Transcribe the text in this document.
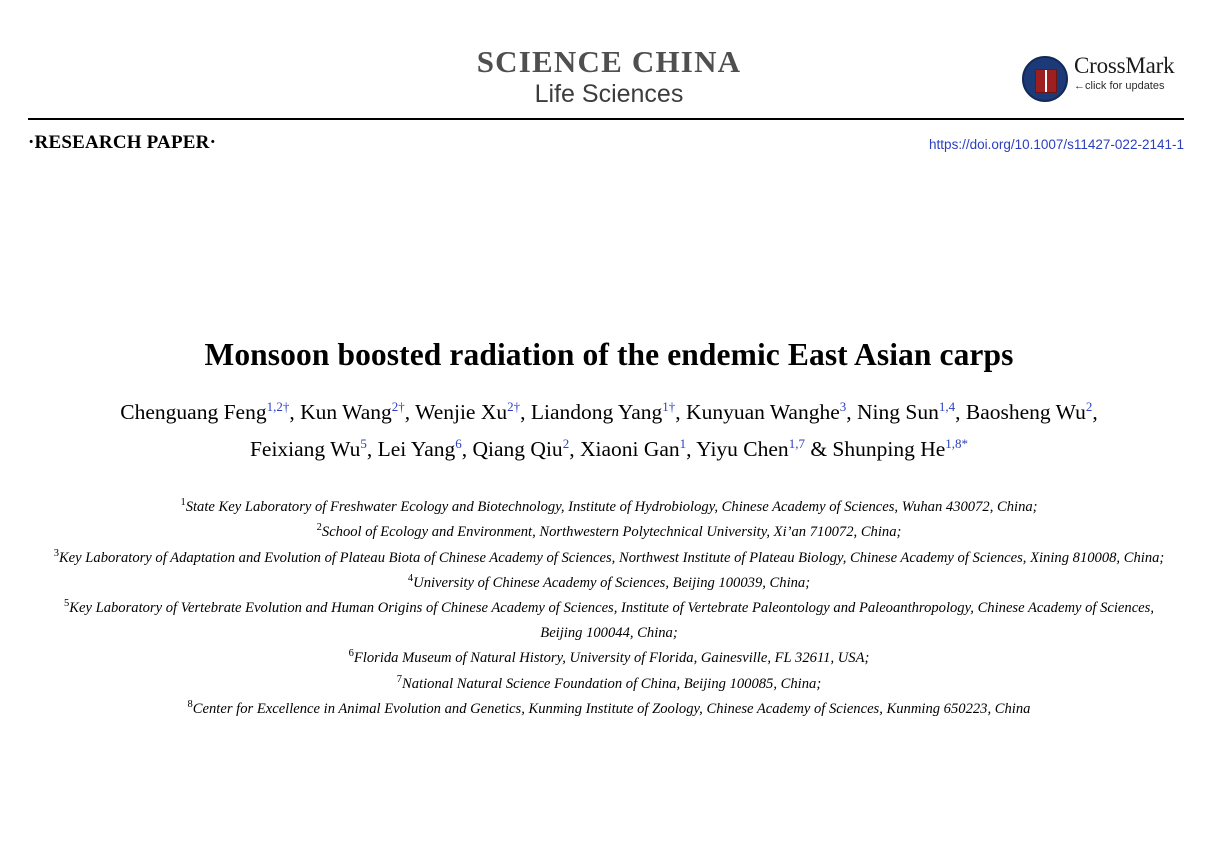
SCIENCE CHINA
Life Sciences
CrossMark
←click for updates
·RESEARCH PAPER·	https://doi.org/10.1007/s11427-022-2141-1
Monsoon boosted radiation of the endemic East Asian carps
Chenguang Feng$^{1,2\dagger}$, Kun Wang$^{2\dagger}$, Wenjie $Xu^{2\dagger}$, Liandong Yang$^{1\dagger}$, Kunyuan Wanghe$^3$, Ning Sun$^{1,4}$, Baosheng Wu$^2$, Feixiang Wu$^5$, Lei Yang$^6$, Qiang Qiu$^2$, Xiaoni Gan$^1$, Yiyu Chen$^{1,7}$ & Shunping $He^{1,8*}$
$^1$State Key Laboratory of Freshwater Ecology and Biotechnology, Institute of Hydrobiology, Chinese Academy of Sciences, Wuhan 430072, China;
$^2$School of Ecology and Environment, Northwestern Polytechnical University, Xi’an 710072, China;
$^3$Key Laboratory of Adaptation and Evolution of Plateau Biota of Chinese Academy of Sciences, Northwest Institute of Plateau Biology, Chinese Academy of Sciences, Xining 810008, China;
$^4$University of Chinese Academy of Sciences, Beijing 100039, China;
$^5$Key Laboratory of Vertebrate Evolution and Human Origins of Chinese Academy of Sciences, Institute of Vertebrate Paleontology and Paleoanthropology, Chinese Academy of Sciences, Beijing 100044, China;
$^6$Florida Museum of Natural History, University of Florida, Gainesville, FL 32611, USA;
$^7$National Natural Science Foundation of China, Beijing 100085, China;
$^8$Center for Excellence in Animal Evolution and Genetics, Kunming Institute of Zoology, Chinese Academy of Sciences, Kunming 650223, China
